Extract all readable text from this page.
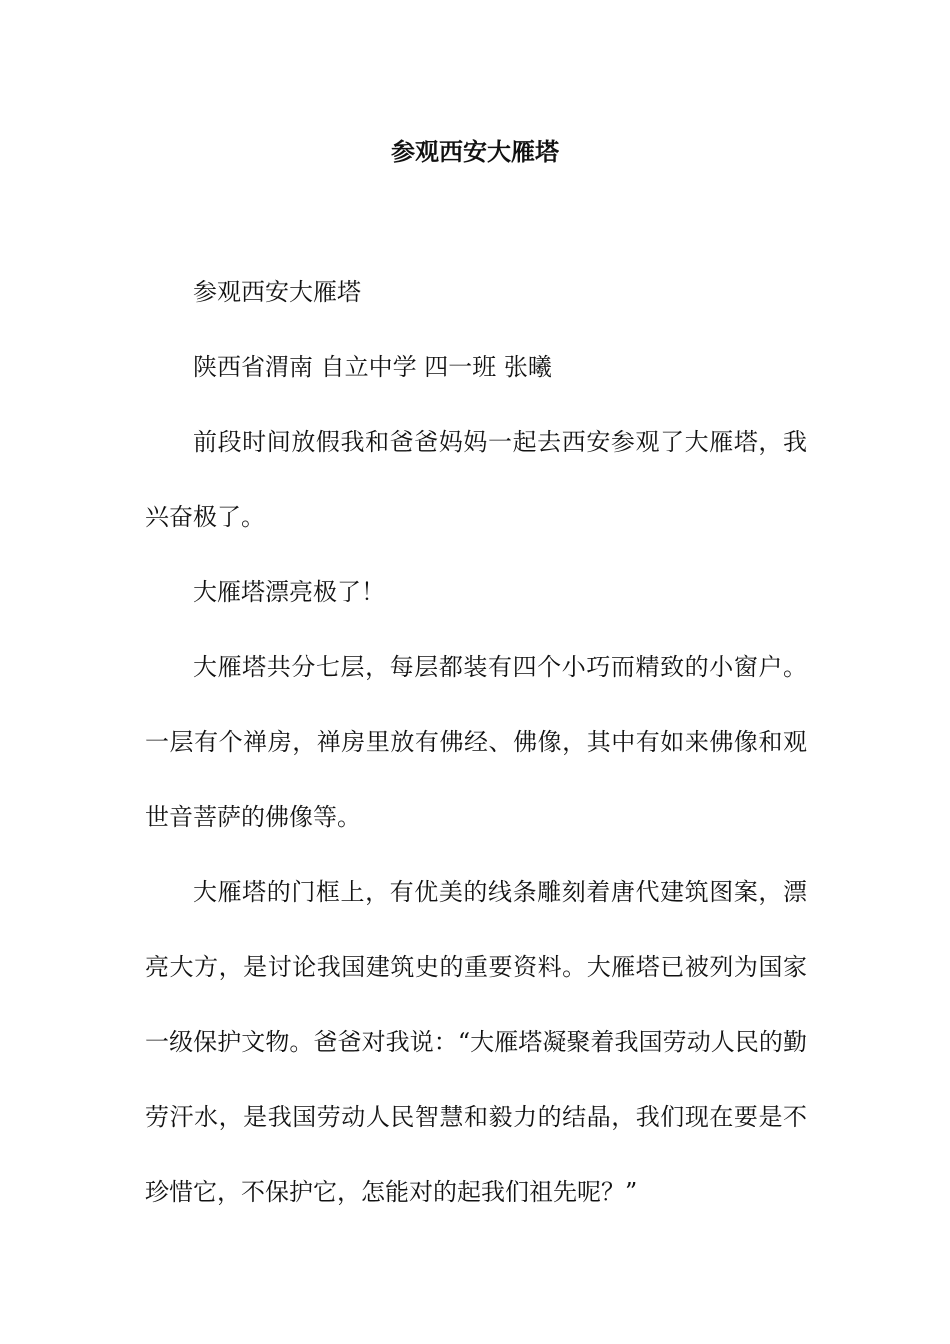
参观西安大雁塔

参观西安大雁塔

陕西省渭南 自立中学 四一班 张曦

前段时间放假我和爸爸妈妈一起去西安参观了大雁塔，我兴奋极了。

大雁塔漂亮极了！

大雁塔共分七层，每层都装有四个小巧而精致的小窗户。一层有个禅房，禅房里放有佛经、佛像，其中有如来佛像和观世音菩萨的佛像等。

大雁塔的门框上，有优美的线条雕刻着唐代建筑图案，漂亮大方，是讨论我国建筑史的重要资料。大雁塔已被列为国家一级保护文物。爸爸对我说：“大雁塔凝聚着我国劳动人民的勤劳汗水，是我国劳动人民智慧和毅力的结晶，我们现在要是不珍惜它，不保护它，怎能对的起我们祖先呢？”
